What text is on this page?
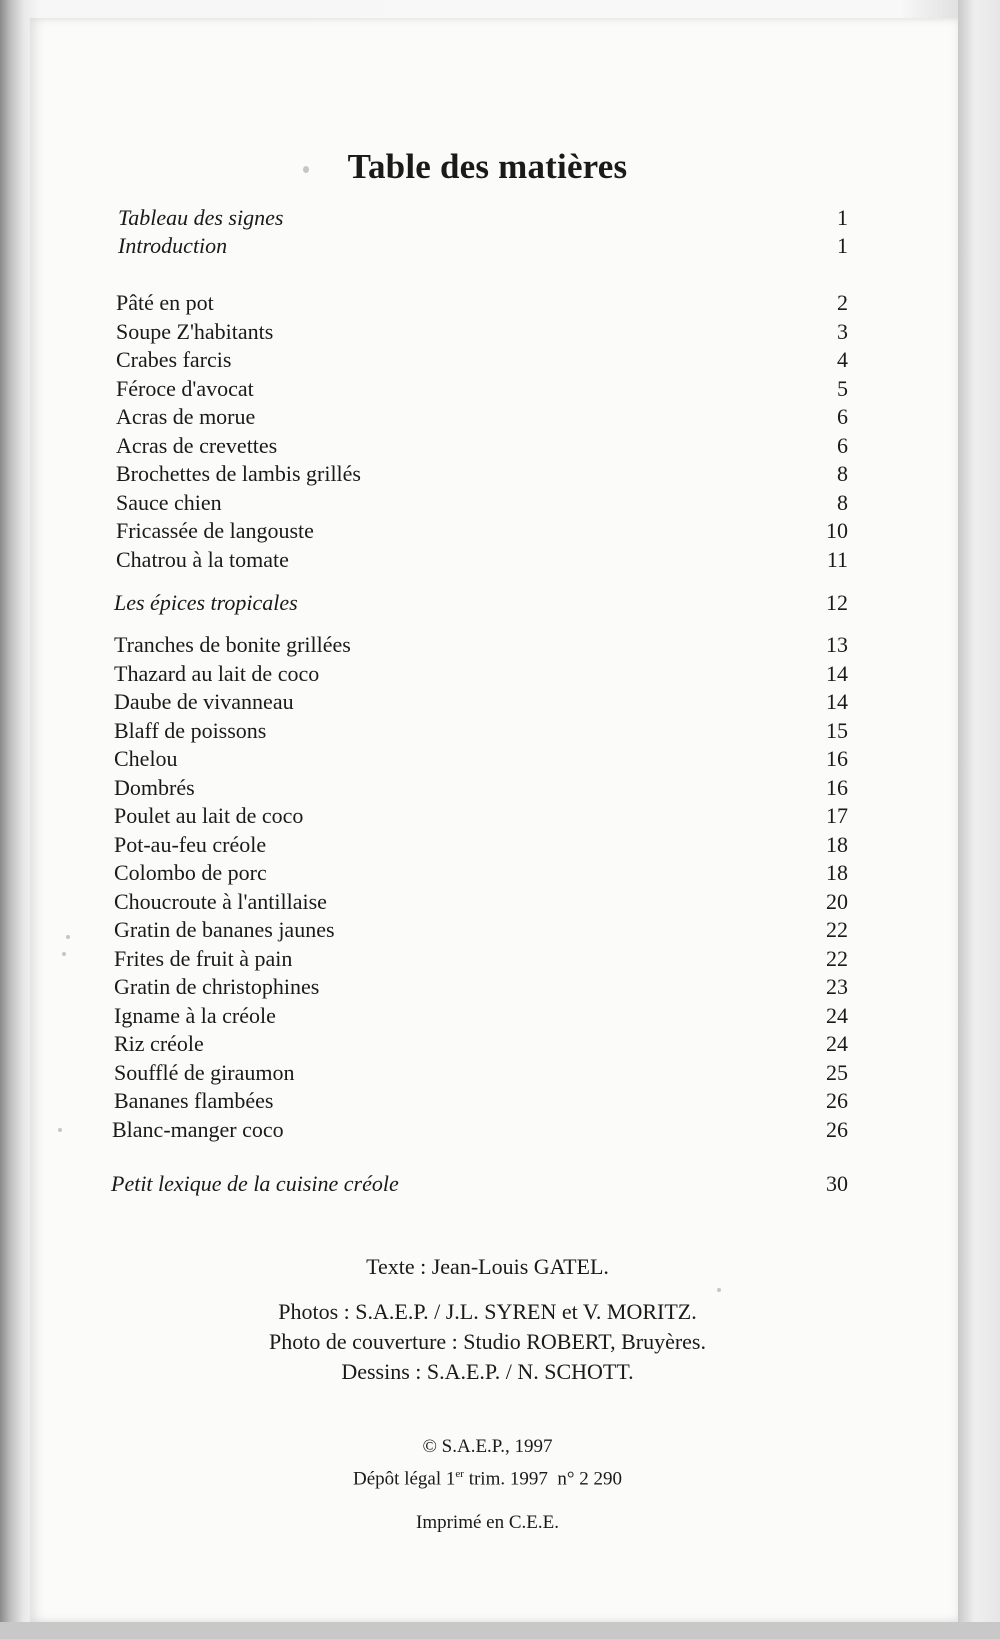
Table des matières
Tableau des signes	1
Introduction	1
Pâté en pot	2
Soupe Z'habitants	3
Crabes farcis	4
Féroce d'avocat	5
Acras de morue	6
Acras de crevettes	6
Brochettes de lambis grillés	8
Sauce chien	8
Fricassée de langouste	10
Chatrou à la tomate	11
Les épices tropicales	12
Tranches de bonite grillées	13
Thazard au lait de coco	14
Daube de vivanneau	14
Blaff de poissons	15
Chelou	16
Dombrés	16
Poulet au lait de coco	17
Pot-au-feu créole	18
Colombo de porc	18
Choucroute à l'antillaise	20
Gratin de bananes jaunes	22
Frites de fruit à pain	22
Gratin de christophines	23
Igname à la créole	24
Riz créole	24
Soufflé de giraumon	25
Bananes flambées	26
Blanc-manger coco	26
Petit lexique de la cuisine créole	30
Texte : Jean-Louis GATEL.
Photos : S.A.E.P. / J.L. SYREN et V. MORITZ.
Photo de couverture : Studio ROBERT, Bruyères.
Dessins : S.A.E.P. / N. SCHOTT.
© S.A.E.P., 1997
Dépôt légal 1er trim. 1997  n° 2 290
Imprimé en C.E.E.
